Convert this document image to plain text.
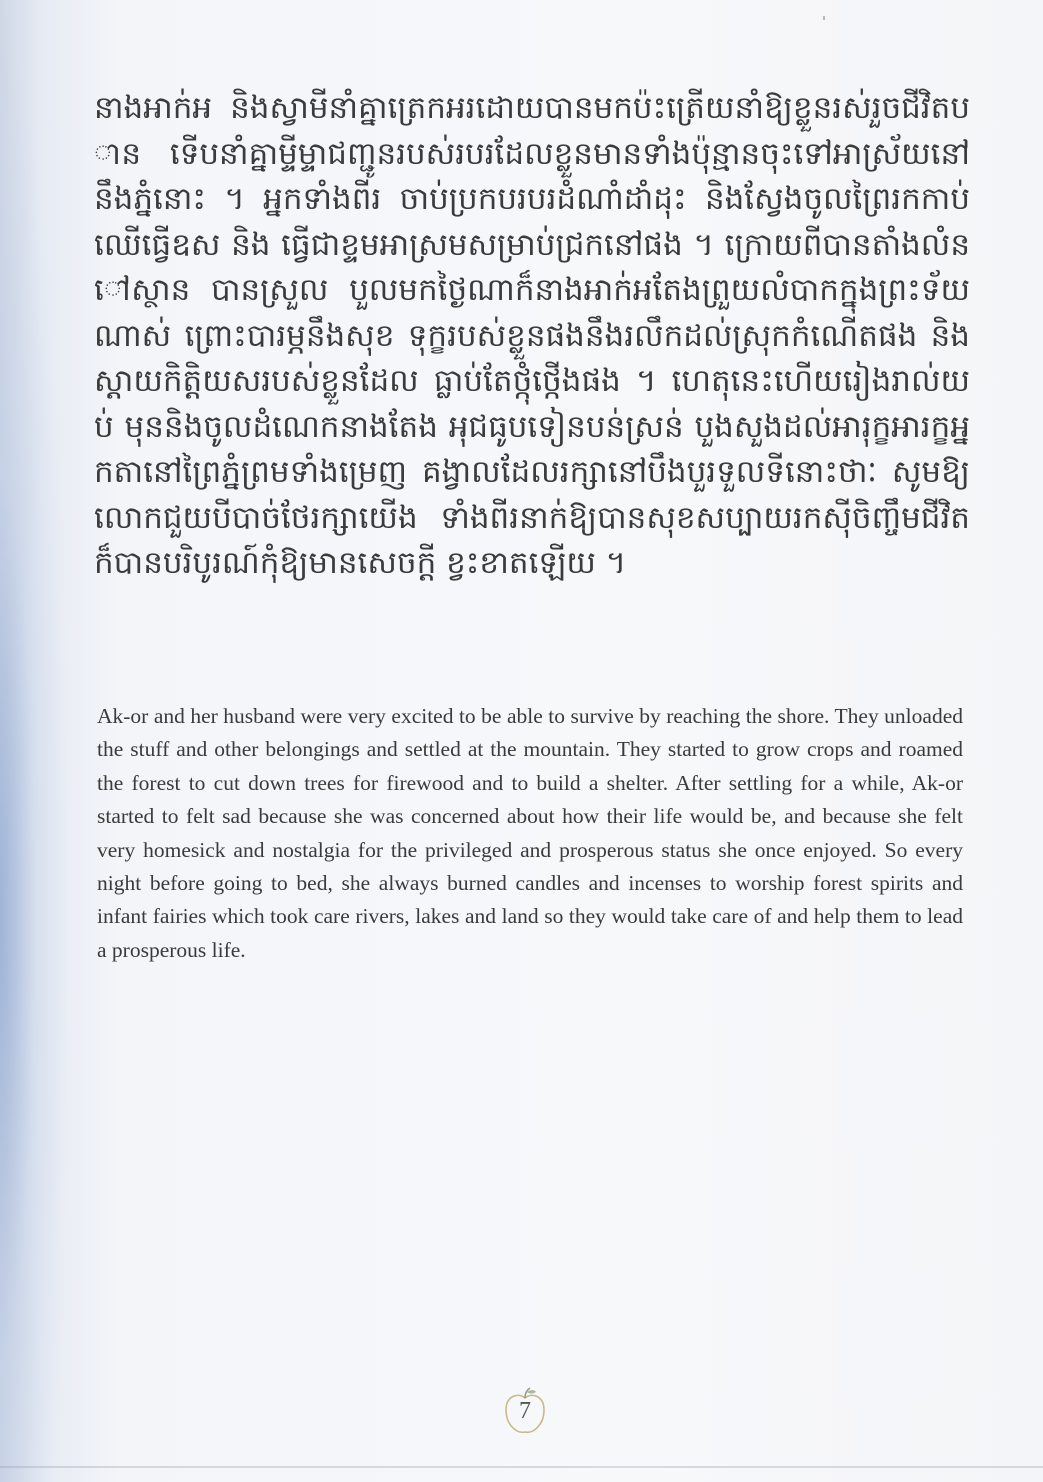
នាងអាក់អ និងស្វាមីនាំគ្នាត្រេកអរដោយបានមកប៉ះត្រើយនាំឱ្យខ្លួនរស់រួចជីវិតបាន ទើបនាំគ្នាម្ទីម្ទាជញ្ជូនរបស់របរដែលខ្លួនមានទាំងប៉ុន្មានចុះទៅអាស្រ័យនៅនឹងភ្នំនោះ ។ អ្នកទាំងពីរ ចាប់ប្រកបរបរដំណាំដាំដុះ និងស្វែងចូលព្រៃរកកាប់ឈើធ្វើឧស និង ធ្វើជាខ្ទមអាស្រមសម្រាប់ជ្រកនៅផង ។ ក្រោយពីបានតាំងលំនៅស្ថាន បានស្រួល បួលមកថ្ងៃណាក៏នាងអាក់អតែងព្រួយលំបាកក្នុងព្រះទ័យណាស់ ព្រោះបារម្ភនឹងសុខ ទុក្ខរបស់ខ្លួនផងនឹងរលឹកដល់ស្រុកកំណើតផង និងស្តាយកិត្តិយសរបស់ខ្លួនដែល ធ្លាប់តែថ្កុំថ្កើងផង ។ ហេតុនេះហើយរៀងរាល់យប់ មុននិងចូលដំណេកនាងតែង អុជធូបទៀនបន់ស្រន់ បួងសួងដល់អារុក្ខអារក្ខអ្នកតានៅព្រៃភ្នំព្រមទាំងម្រេញ គង្វាលដែលរក្សានៅបឹងបួរទួលទីនោះថាៈ សូមឱ្យលោកជួយបីបាច់ថែរក្សាយើង ទាំងពីរនាក់ឱ្យបានសុខសប្បាយរកស៊ីចិញ្ចឹមជីវិតក៏បានបរិបូរណ៍កុំឱ្យមានសេចក្តី ខ្វះខាតឡើយ ។

Ak-or and her husband were very excited to be able to survive by reaching the shore. They unloaded the stuff and other belongings and settled at the mountain. They started to grow crops and roamed the forest to cut down trees for firewood and to build a shelter. After settling for a while, Ak-or started to felt sad because she was concerned about how their life would be, and because she felt very homesick and nostalgia for the privileged and prosperous status she once enjoyed. So every night before going to bed, she always burned candles and incenses to worship forest spirits and infant fairies which took care rivers, lakes and land so they would take care of and help them to lead a prosperous life.

7
